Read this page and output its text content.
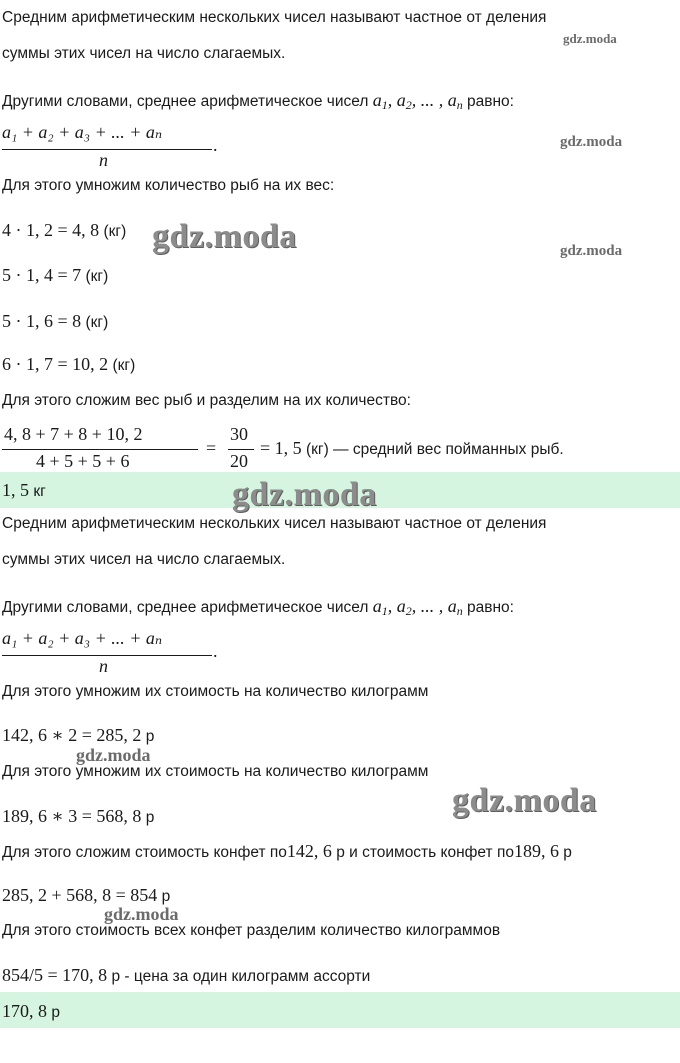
Средним арифметическим нескольких чисел называют частное от деления
суммы этих чисел на число слагаемых.
Другими словами, среднее арифметическое чисел $a_1$, $a_2$, ... , $a_n$ равно:
a₁ + a₂ + a₃ + ... + aₙ
n
.
Для этого умножим количество рыб на их вес:
4 · 1, 2 = 4, 8 (кг)
5 · 1, 4 = 7 (кг)
5 · 1, 6 = 8 (кг)
6 · 1, 7 = 10, 2 (кг)
Для этого сложим вес рыб и разделим на их количество:
4, 8 + 7 + 8 + 10, 2
4 + 5 + 5 + 6
=
30
20
= 1, 5 (кг) — средний вес пойманных рыб.
1, 5 кг
Средним арифметическим нескольких чисел называют частное от деления
суммы этих чисел на число слагаемых.
Другими словами, среднее арифметическое чисел $a_1$, $a_2$, ... , $a_n$ равно:
a₁ + a₂ + a₃ + ... + aₙ
n
.
Для этого умножим их стоимость на количество килограмм
142, 6 ∗ 2 = 285, 2 р
Для этого умножим их стоимость на количество килограмм
189, 6 ∗ 3 = 568, 8 р
Для этого сложим стоимость конфет по142, 6 р и стоимость конфет по189, 6 р
285, 2 + 568, 8 = 854 р
Для этого стоимость всех конфет разделим количество килограммов
854/5 = 170, 8 р - цена за один килограмм ассорти
170, 8 р
gdz.moda
gdz.moda
gdz.moda	gdz.moda
gdz.moda
gdz.moda
gdz.moda
gdz.moda
